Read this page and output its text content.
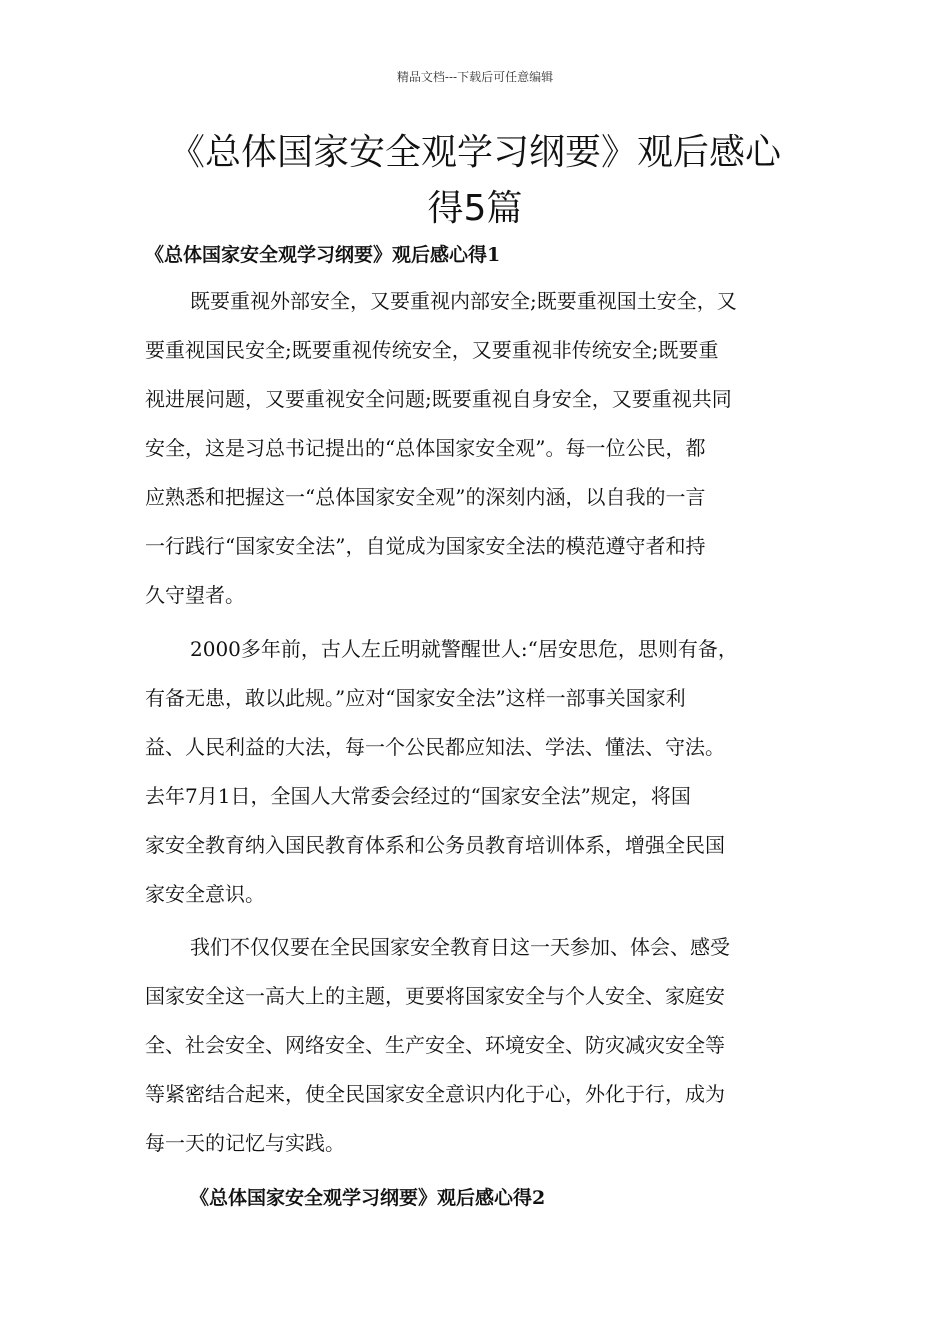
精品文档---下载后可任意编辑
《总体国家安全观学习纲要》观后感心
得5篇
《总体国家安全观学习纲要》观后感心得1
既要重视外部安全，又要重视内部安全;既要重视国土安全，又
要重视国民安全;既要重视传统安全，又要重视非传统安全;既要重
视进展问题，又要重视安全问题;既要重视自身安全，又要重视共同
安全，这是习总书记提出的“总体国家安全观”。每一位公民，都
应熟悉和把握这一“总体国家安全观”的深刻内涵，以自我的一言
一行践行“国家安全法”，自觉成为国家安全法的模范遵守者和持
久守望者。
2000多年前，古人左丘明就警醒世人:“居安思危，思则有备，
有备无患，敢以此规。”应对“国家安全法”这样一部事关国家利
益、人民利益的大法，每一个公民都应知法、学法、懂法、守法。
去年7月1日，全国人大常委会经过的“国家安全法”规定，将国
家安全教育纳入国民教育体系和公务员教育培训体系，增强全民国
家安全意识。
我们不仅仅要在全民国家安全教育日这一天参加、体会、感受
国家安全这一高大上的主题，更要将国家安全与个人安全、家庭安
全、社会安全、网络安全、生产安全、环境安全、防灾减灾安全等
等紧密结合起来，使全民国家安全意识内化于心，外化于行，成为
每一天的记忆与实践。
《总体国家安全观学习纲要》观后感心得2
